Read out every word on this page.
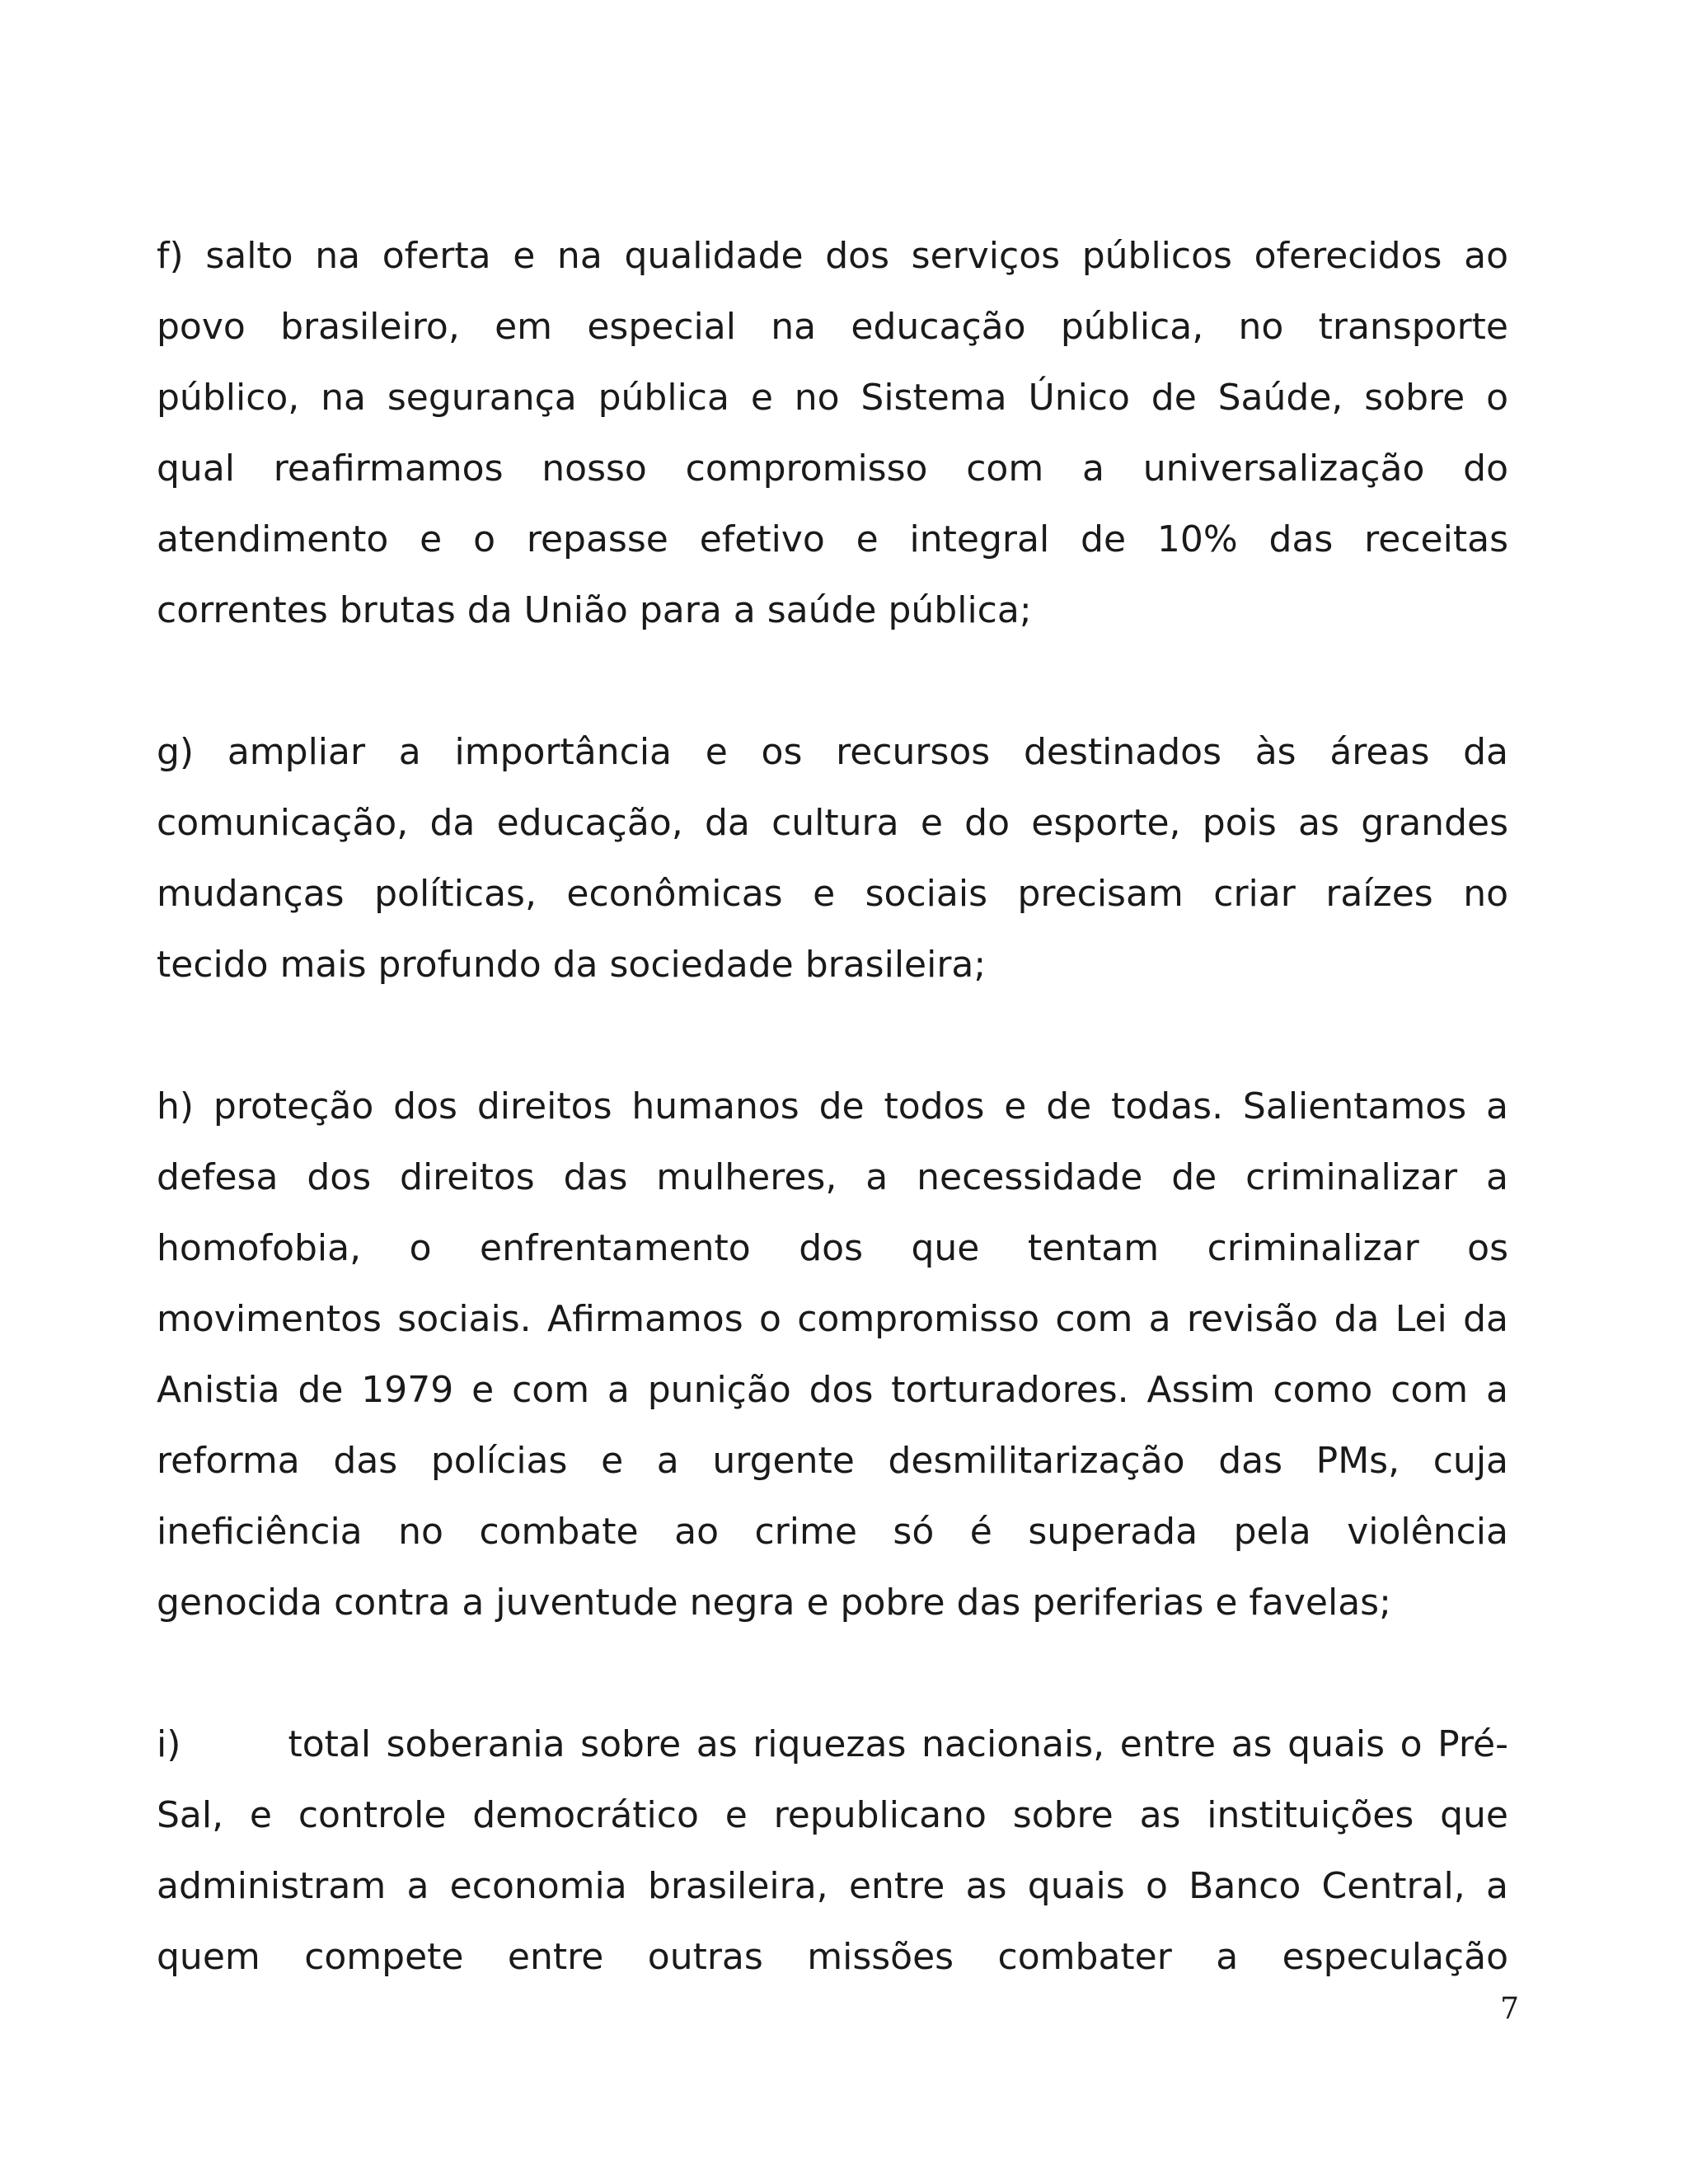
f) salto na oferta e na qualidade dos serviços públicos oferecidos ao
povo brasileiro, em especial na educação pública, no transporte
público, na segurança pública e no Sistema Único de Saúde, sobre o
qual reafirmamos nosso compromisso com a universalização do
atendimento e o repasse efetivo e integral de 10% das receitas
correntes brutas da União para a saúde pública;
g) ampliar a importância e os recursos destinados às áreas da
comunicação, da educação, da cultura e do esporte, pois as grandes
mudanças políticas, econômicas e sociais precisam criar raízes no
tecido mais profundo da sociedade brasileira;
h) proteção dos direitos humanos de todos e de todas. Salientamos a
defesa dos direitos das mulheres, a necessidade de criminalizar a
homofobia, o enfrentamento dos que tentam criminalizar os
movimentos sociais. Afirmamos o compromisso com a revisão da Lei da
Anistia de 1979 e com a punição dos torturadores. Assim como com a
reforma das polícias e a urgente desmilitarização das PMs, cuja
ineficiência no combate ao crime só é superada pela violência
genocida contra a juventude negra e pobre das periferias e favelas;
i)       total soberania sobre as riquezas nacionais, entre as quais o Pré-
Sal, e controle democrático e republicano sobre as instituições que
administram a economia brasileira, entre as quais o Banco Central, a
quem compete entre outras missões combater a especulação
7
